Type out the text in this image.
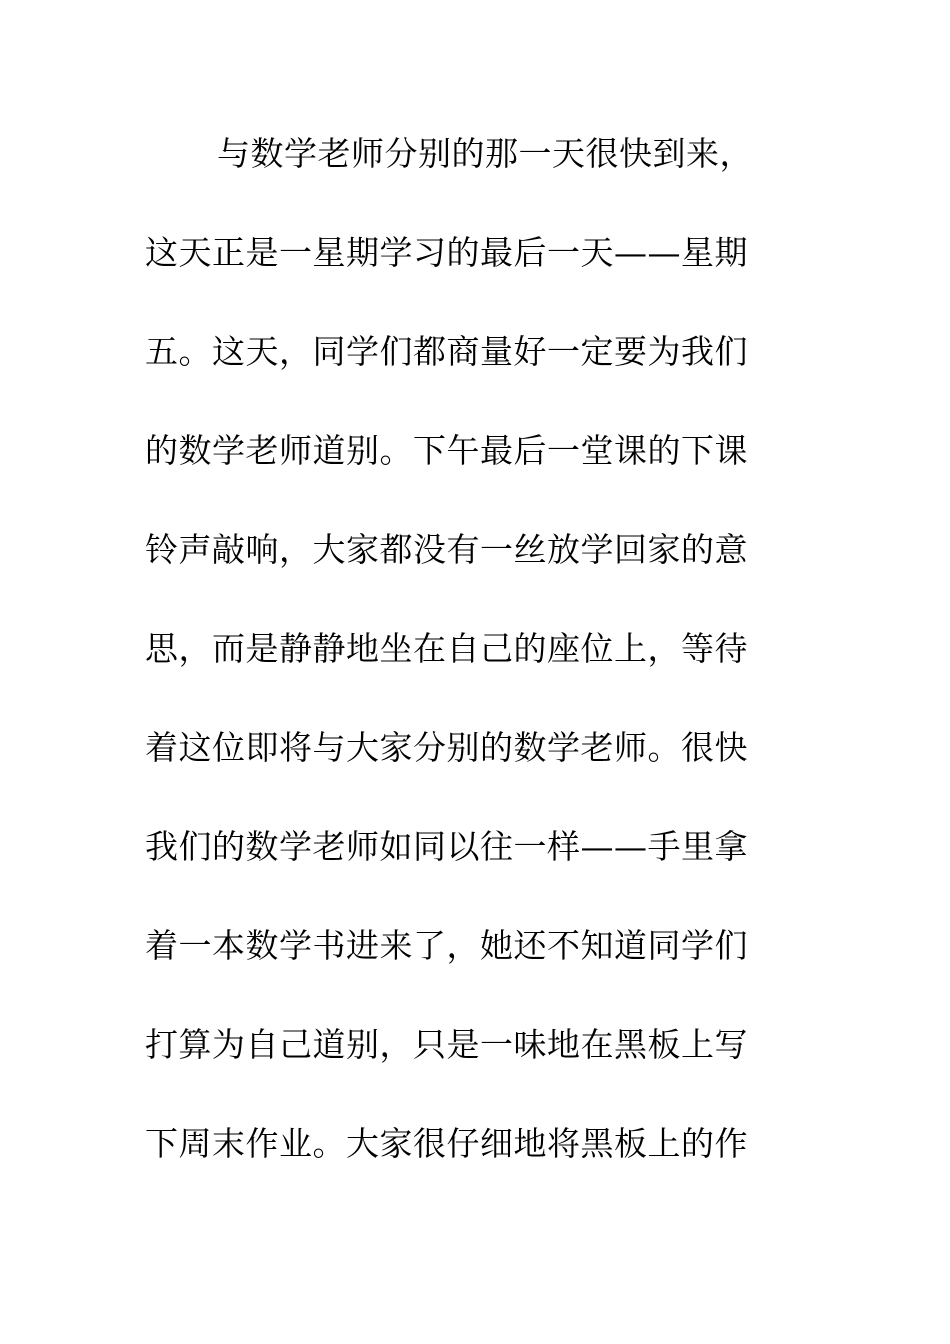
与数学老师分别的那一天很快到来，
这天正是一星期学习的最后一天——星期
五。这天，同学们都商量好一定要为我们
的数学老师道别。下午最后一堂课的下课
铃声敲响，大家都没有一丝放学回家的意
思，而是静静地坐在自己的座位上，等待
着这位即将与大家分别的数学老师。很快
我们的数学老师如同以往一样——手里拿
着一本数学书进来了，她还不知道同学们
打算为自己道别，只是一味地在黑板上写
下周末作业。大家很仔细地将黑板上的作
